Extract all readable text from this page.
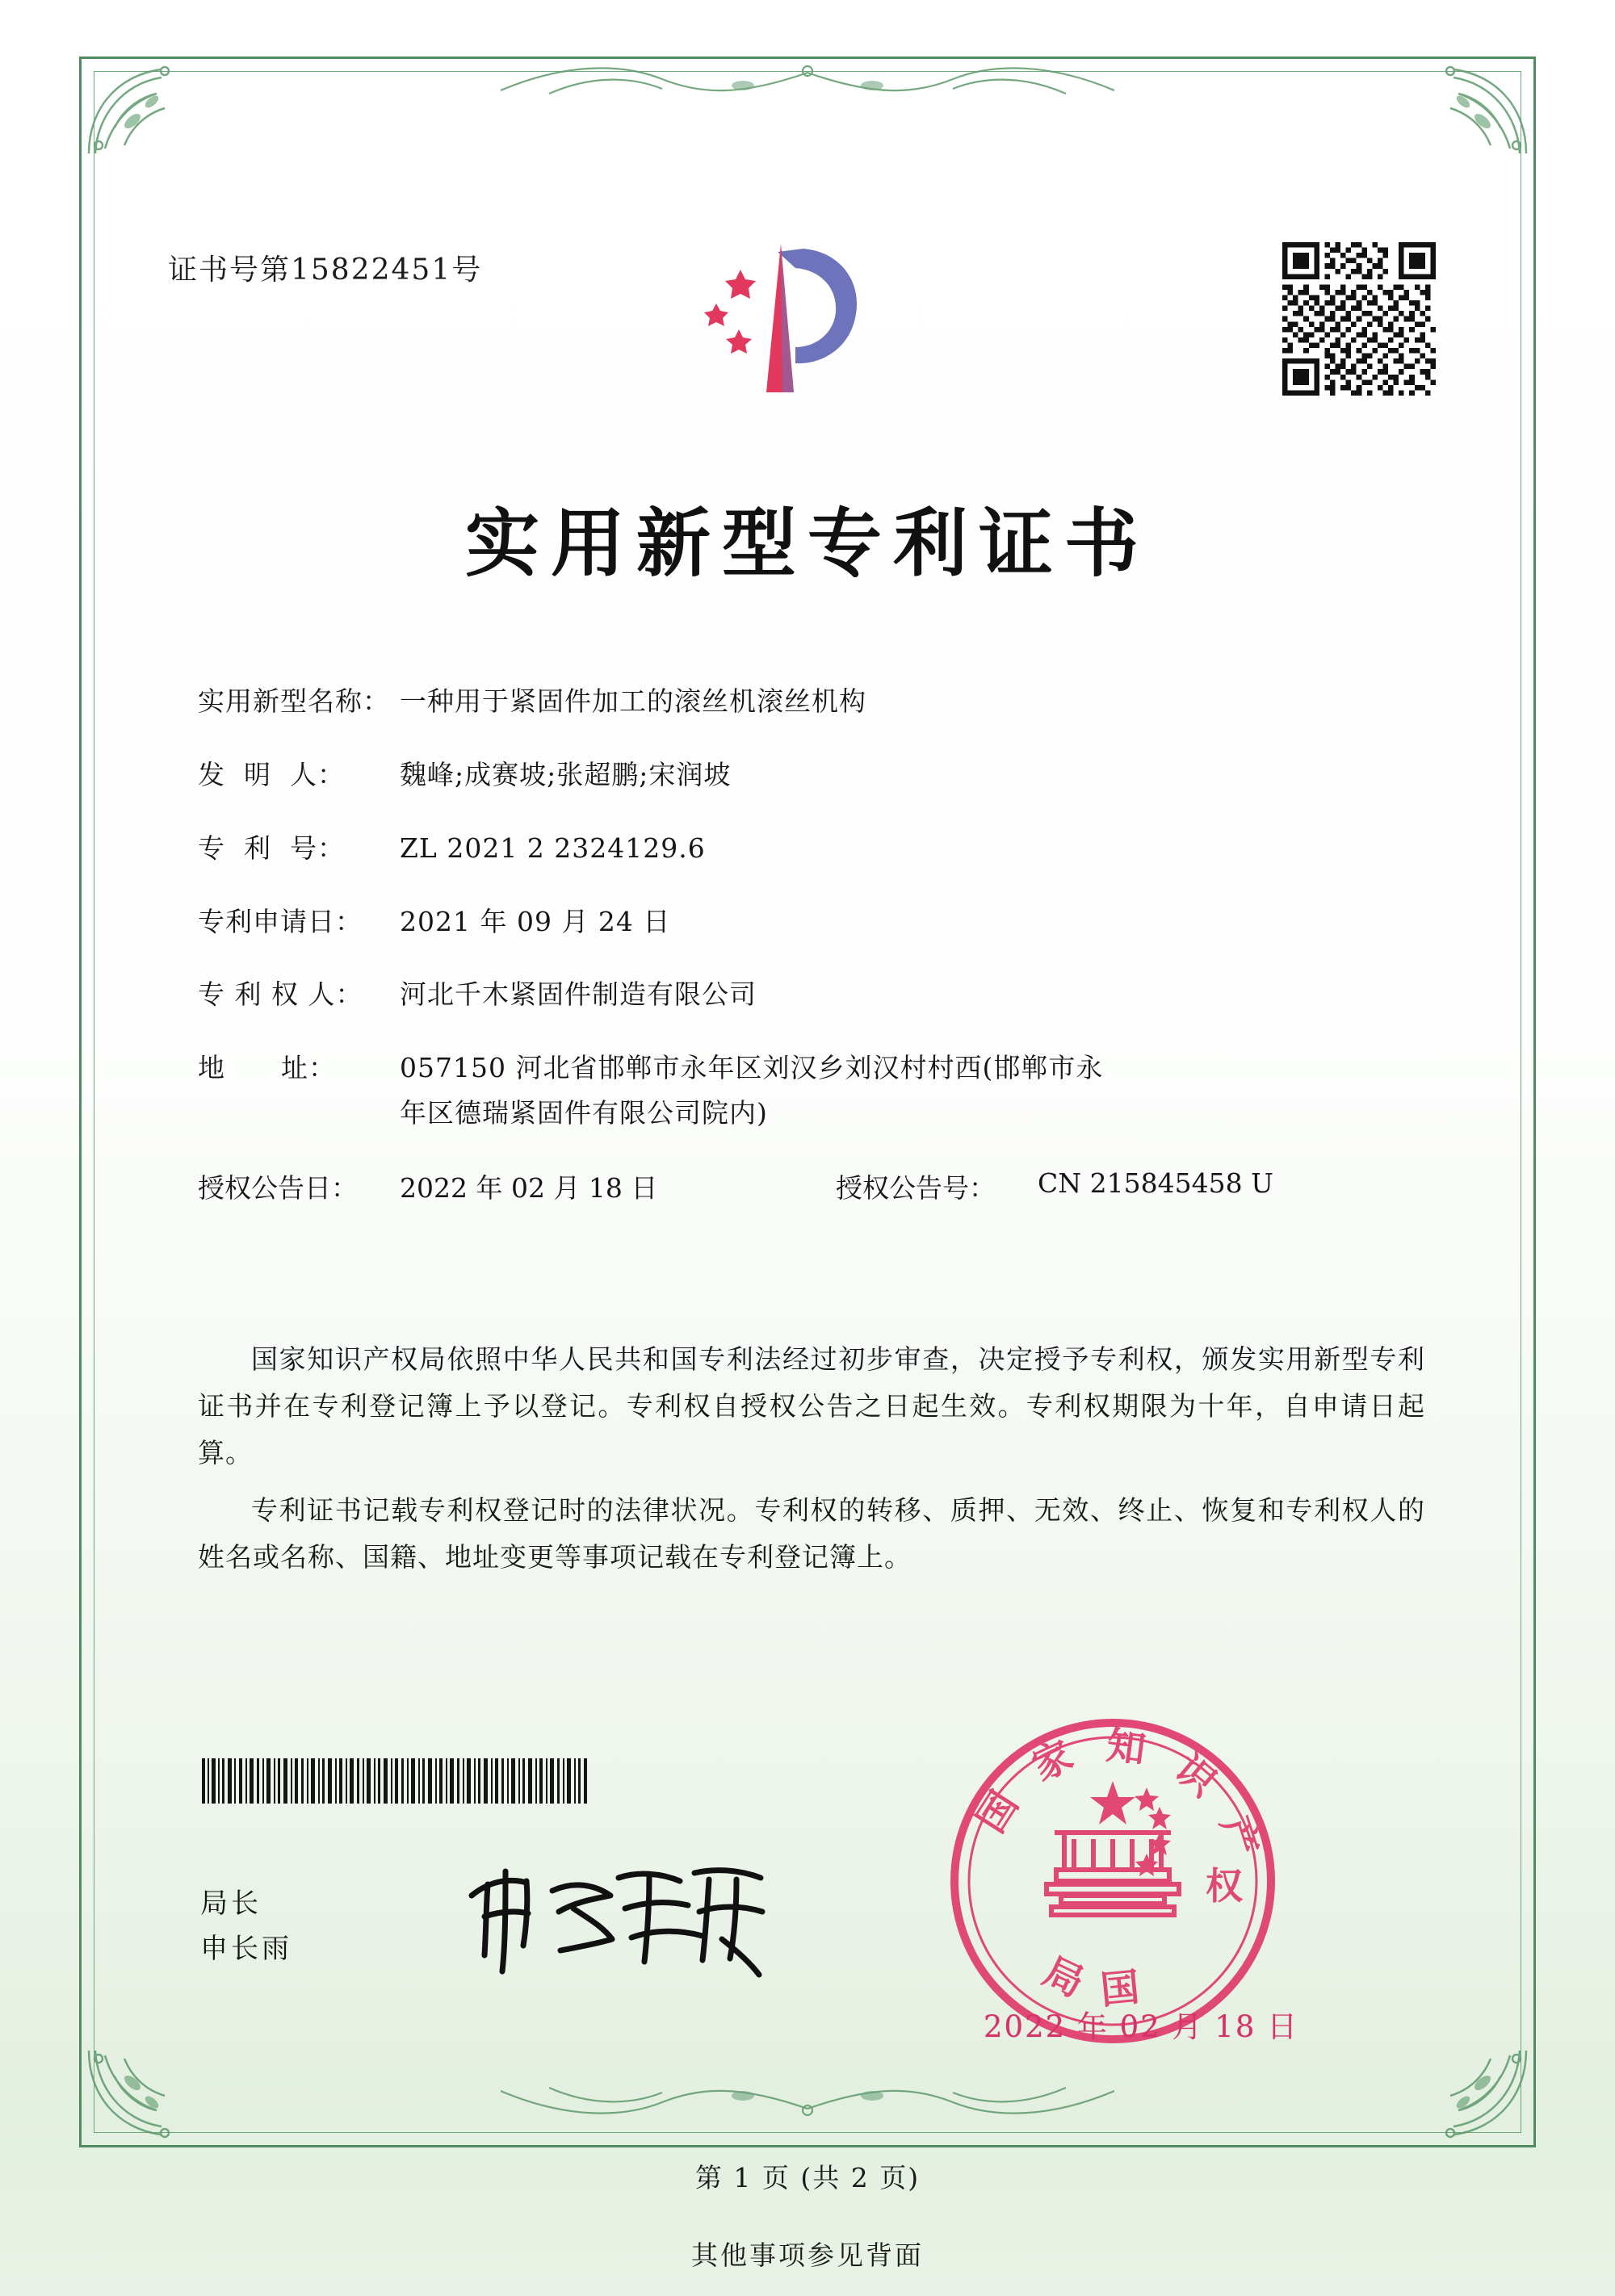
证书号第15822451号
实用新型专利证书
实用新型名称： 一种用于紧固件加工的滚丝机滚丝机构
发  明  人：	魏峰;成赛坡;张超鹏;宋润坡
专  利  号：	ZL 2021 2 2324129.6
专利申请日：	2021 年 09 月 24 日
专 利 权 人：	河北千木紧固件制造有限公司
地      址：	057150 河北省邯郸市永年区刘汉乡刘汉村村西(邯郸市永
年区德瑞紧固件有限公司院内)
授权公告日：	2022 年 02 月 18 日	授权公告号：	CN 215845458 U

国家知识产权局依照中华人民共和国专利法经过初步审查，决定授予专利权，颁发实用新型专利证书并在专利登记簿上予以登记。专利权自授权公告之日起生效。专利权期限为十年，自申请日起算。

专利证书记载专利权登记时的法律状况。专利权的转移、质押、无效、终止、恢复和专利权人的姓名或名称、国籍、地址变更等事项记载在专利登记簿上。

局长
申长雨
国 家 知 识 产
局 国
权
2022 年 02 月 18 日
第 1 页 (共 2 页)
其他事项参见背面
